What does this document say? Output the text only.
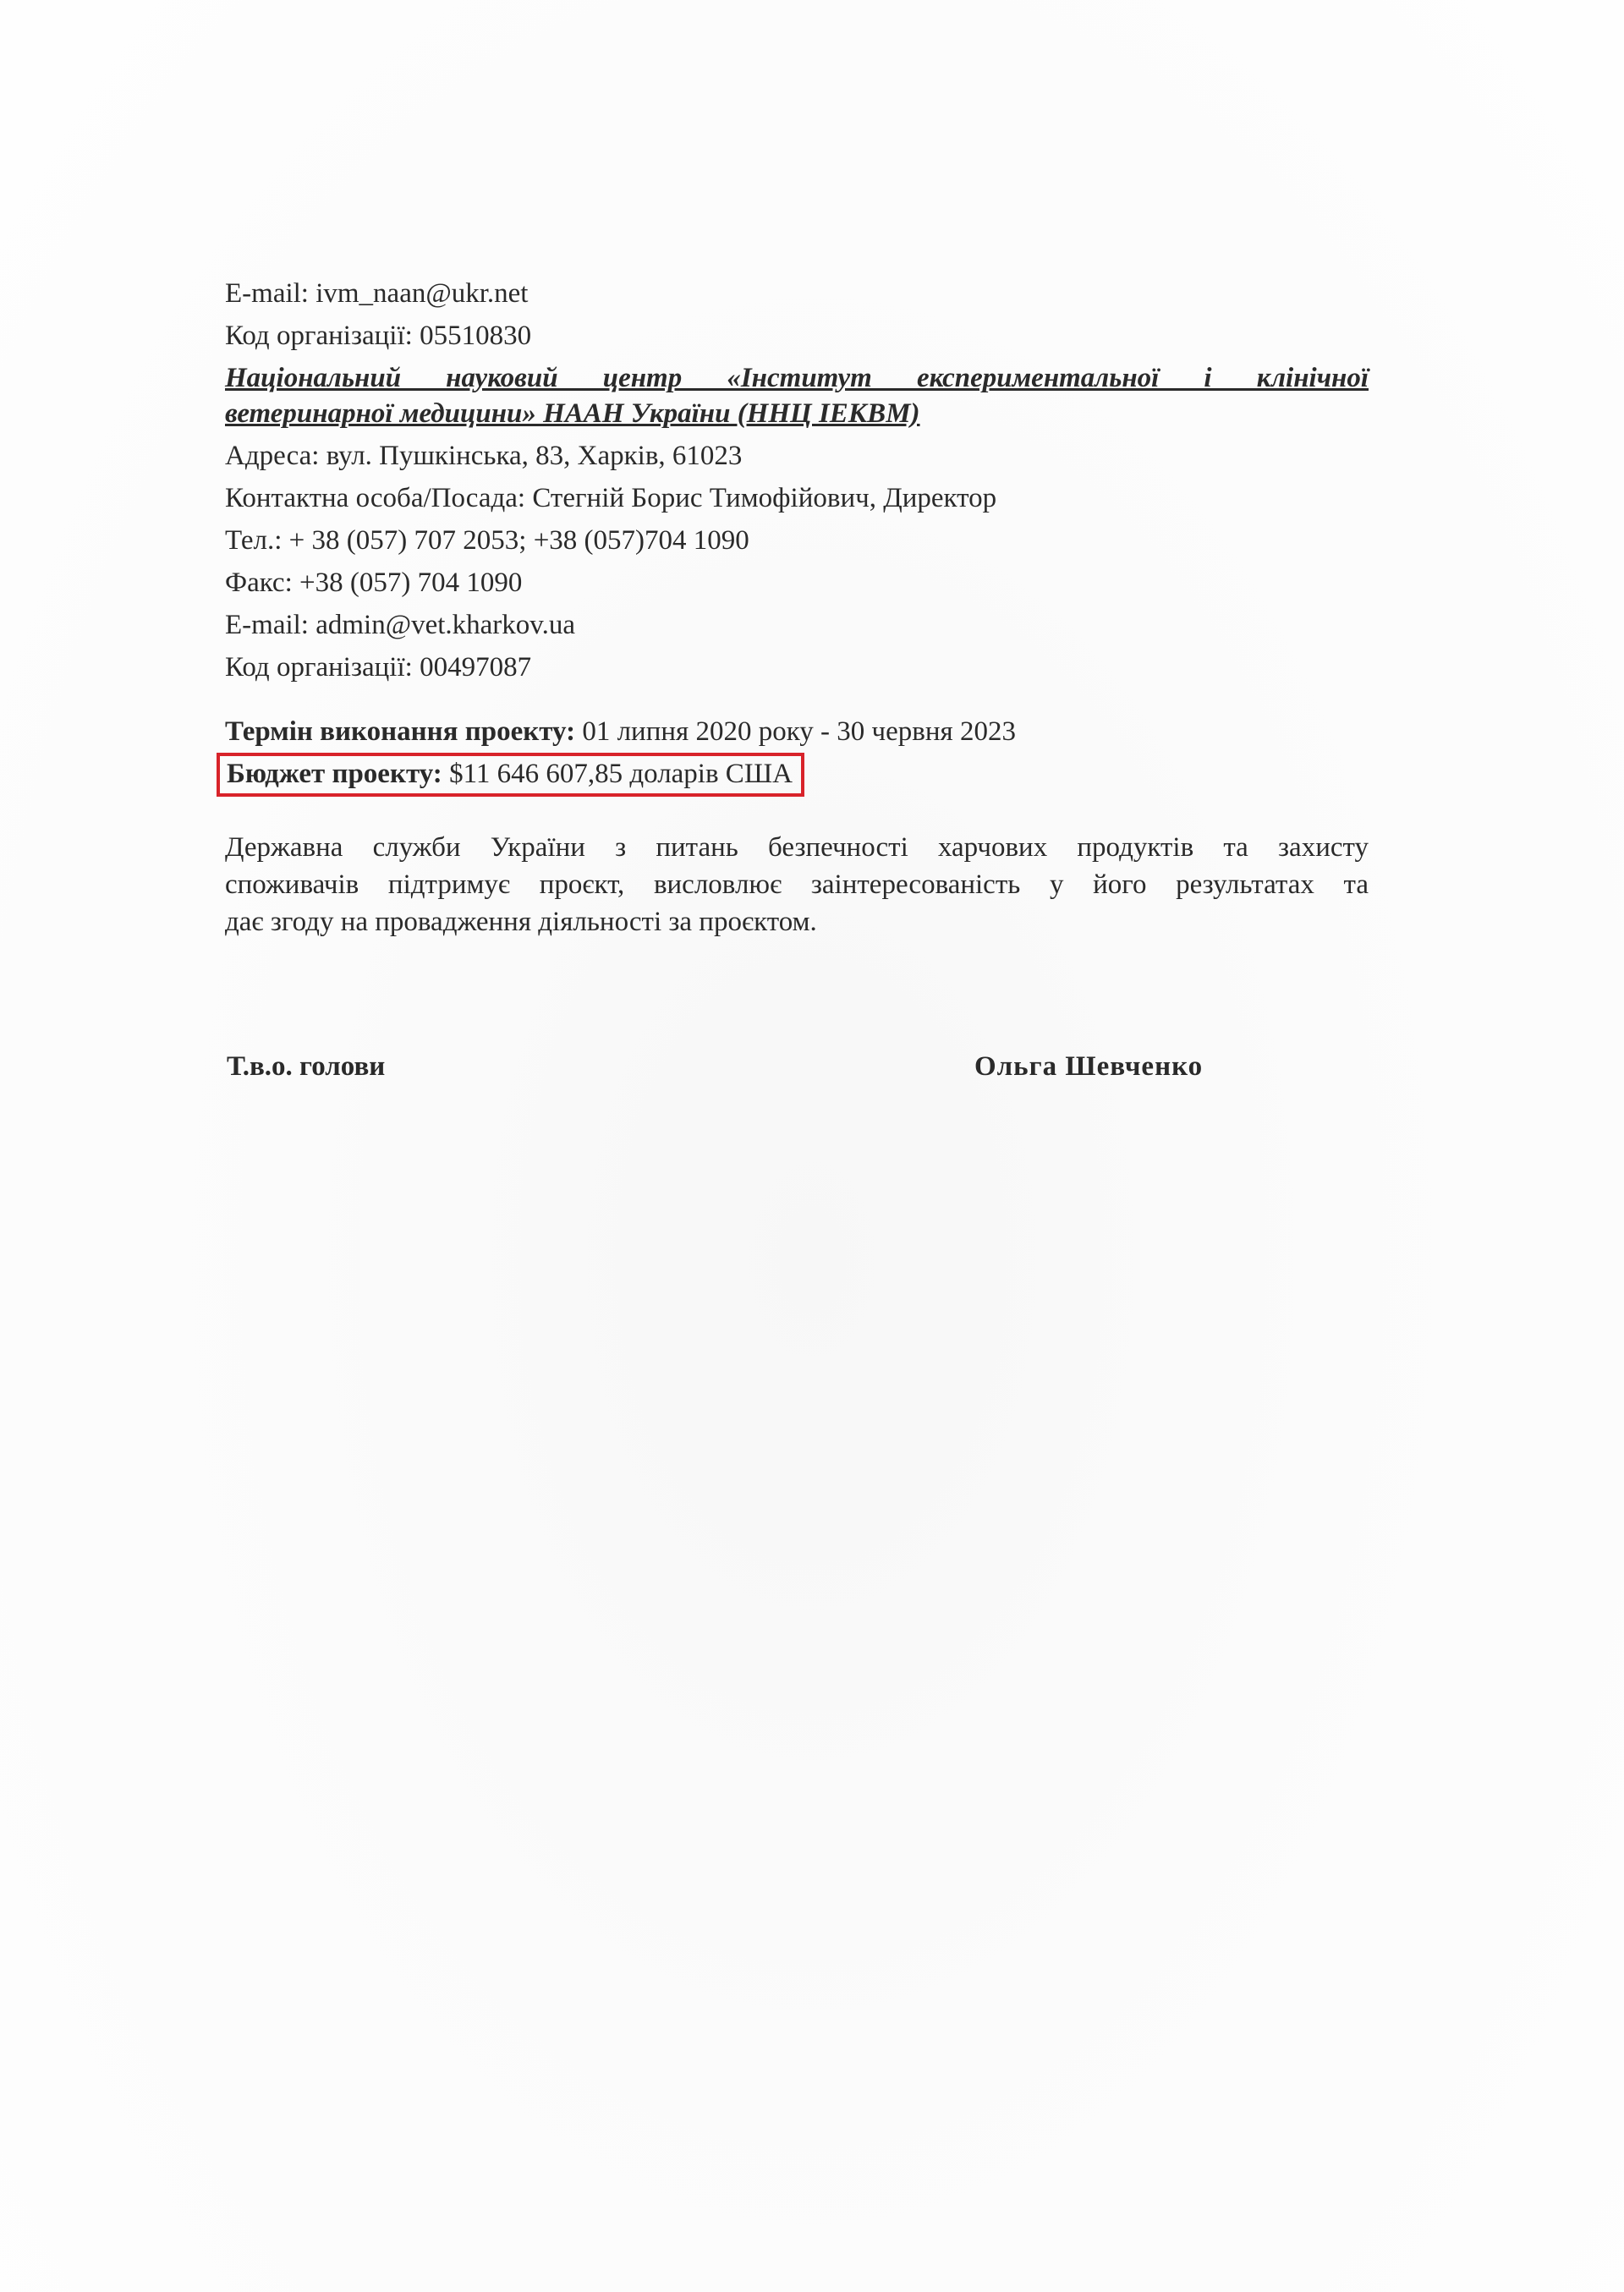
E-mail: ivm_naan@ukr.net
Код організації: 05510830
Національний науковий центр «Інститут експериментальної і клінічної
ветеринарної медицини» НААН України (ННЦ ІЕКВМ)
Адреса: вул. Пушкінська, 83, Харків, 61023
Контактна особа/Посада: Стегній Борис Тимофійович, Директор
Тел.: + 38 (057) 707 2053; +38 (057)704 1090
Факс: +38 (057) 704 1090
E-mail: admin@vet.kharkov.ua
Код організації: 00497087
Термін виконання проекту: 01 липня 2020 року - 30 червня 2023
Бюджет проекту: $11 646 607,85 доларів США
Державна служби України з питань безпечності харчових продуктів та захисту
споживачів підтримує проєкт, висловлює заінтересованість у його результатах та
дає згоду на провадження діяльності за проєктом.
Т.в.о. голови	Ольга Шевченко
